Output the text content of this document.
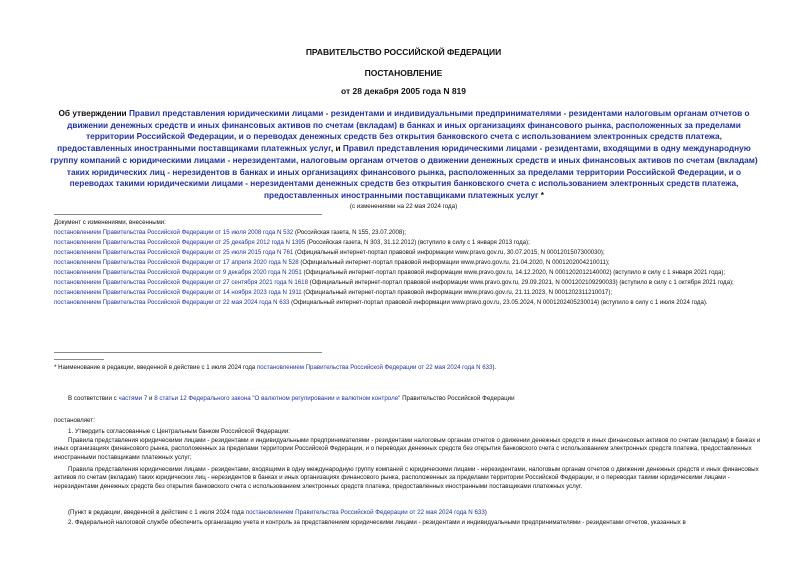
ПРАВИТЕЛЬСТВО РОССИЙСКОЙ ФЕДЕРАЦИИ
ПОСТАНОВЛЕНИЕ
от 28 декабря 2005 года N 819
Об утверждении Правил представления юридическими лицами - резидентами и индивидуальными предпринимателями - резидентами налоговым органам отчетов о движении денежных средств и иных финансовых активов по счетам (вкладам) в банках и иных организациях финансового рынка, расположенных за пределами территории Российской Федерации, и о переводах денежных средств без открытия банковского счета с использованием электронных средств платежа, предоставленных иностранными поставщиками платежных услуг, и Правил представления юридическими лицами - резидентами, входящими в одну международную группу компаний с юридическими лицами - нерезидентами, налоговым органам отчетов о движении денежных средств и иных финансовых активов по счетам (вкладам) таких юридических лиц - нерезидентов в банках и иных организациях финансового рынка, расположенных за пределами территории Российской Федерации, и о переводах такими юридическими лицами - нерезидентами денежных средств без открытия банковского счета с использованием электронных средств платежа, предоставленных иностранными поставщиками платежных услуг *
(с изменениями на 22 мая 2024 года)
Документ с изменениями, внесенными:
постановлением Правительства Российской Федерации от 15 июля 2008 года N 532 (Российская газета, N 155, 23.07.2008);
постановлением Правительства Российской Федерации от 25 декабря 2012 года N 1395 (Российская газета, N 303, 31.12.2012) (вступило в силу с 1 января 2013 года);
постановлением Правительства Российской Федерации от 25 июля 2015 года N 761 (Официальный интернет-портал правовой информации www.pravo.gov.ru, 30.07.2015, N 0001201507300030);
постановлением Правительства Российской Федерации от 17 апреля 2020 года N 528 (Официальный интернет-портал правовой информации www.pravo.gov.ru, 21.04.2020, N 0001202004210011);
постановлением Правительства Российской Федерации от 9 декабря 2020 года N 2051 (Официальный интернет-портал правовой информации www.pravo.gov.ru, 14.12.2020, N 0001202012140002) (вступило в силу с 1 января 2021 года);
постановлением Правительства Российской Федерации от 27 сентября 2021 года N 1618 (Официальный интернет-портал правовой информации www.pravo.gov.ru, 29.09.2021, N 0001202109290033) (вступило в силу с 1 октября 2021 года);
постановлением Правительства Российской Федерации от 14 ноября 2023 года N 1911 (Официальный интернет-портал правовой информации www.pravo.gov.ru, 21.11.2023, N 0001202311210017);
постановлением Правительства Российской Федерации от 22 мая 2024 года N 633 (Официальный интернет-портал правовой информации www.pravo.gov.ru, 23.05.2024, N 0001202405230014) (вступило в силу с 1 июля 2024 года).
* Наименование в редакции, введенной в действие с 1 июля 2024 года постановлением Правительства Российской Федерации от 22 мая 2024 года N 633).
В соответствии с частями 7 и 8 статьи 12 Федерального закона "О валютном регулировании и валютном контроле" Правительство Российской Федерации
постановляет:
1. Утвердить согласованные с Центральным банком Российской Федерации:
Правила представления юридическими лицами - резидентами и индивидуальными предпринимателями - резидентами налоговым органам отчетов о движении денежных средств и иных финансовых активов по счетам (вкладам) в банках и иных организациях финансового рынка, расположенных за пределами территории Российской Федерации, и о переводах денежных средств без открытия банковского счета с использованием электронных средств платежа, предоставленных иностранными поставщиками платежных услуг;
Правила представления юридическими лицами - резидентами, входящими в одну международную группу компаний с юридическими лицами - нерезидентами, налоговым органам отчетов о движении денежных средств и иных финансовых активов по счетам (вкладам) таких юридических лиц - нерезидентов в банках и иных организациях финансового рынка, расположенных за пределами территории Российской Федерации, и о переводах такими юридическими лицами - нерезидентами денежных средств без открытия банковского счета с использованием электронных средств платежа, предоставленных иностранными поставщиками платежных услуг.
(Пункт в редакции, введенной в действие с 1 июля 2024 года постановлением Правительства Российской Федерации от 22 мая 2024 года N 633)
2. Федеральной налоговой службе обеспечить организацию учета и контроль за представлением юридическими лицами - резидентами и индивидуальными предпринимателями - резидентами отчетов, указанных в
